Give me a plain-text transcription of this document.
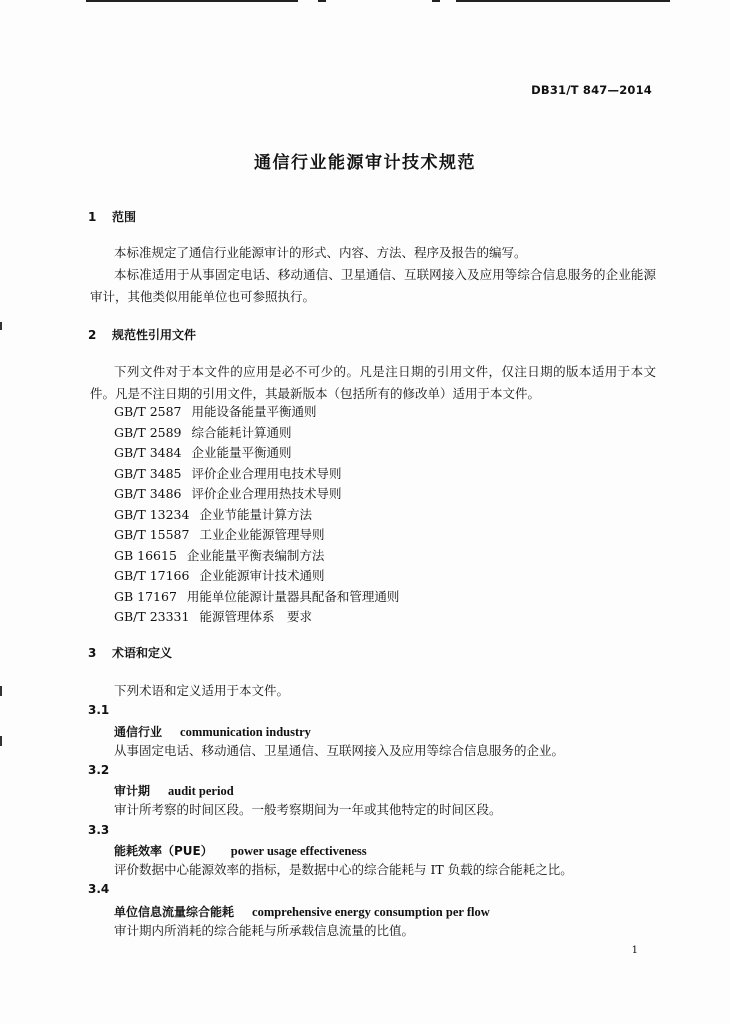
DB31/T 847—2014
通信行业能源审计技术规范
1 范围
本标准规定了通信行业能源审计的形式、内容、方法、程序及报告的编写。
本标准适用于从事固定电话、移动通信、卫星通信、互联网接入及应用等综合信息服务的企业能源审计，其他类似用能单位也可参照执行。
2 规范性引用文件
下列文件对于本文件的应用是必不可少的。凡是注日期的引用文件，仅注日期的版本适用于本文件。凡是不注日期的引用文件，其最新版本（包括所有的修改单）适用于本文件。
GB/T 2587 用能设备能量平衡通则
GB/T 2589 综合能耗计算通则
GB/T 3484 企业能量平衡通则
GB/T 3485 评价企业合理用电技术导则
GB/T 3486 评价企业合理用热技术导则
GB/T 13234 企业节能量计算方法
GB/T 15587 工业企业能源管理导则
GB 16615 企业能量平衡表编制方法
GB/T 17166 企业能源审计技术通则
GB 17167 用能单位能源计量器具配备和管理通则
GB/T 23331 能源管理体系　要求
3 术语和定义
下列术语和定义适用于本文件。
3.1
通信行业 communication industry
从事固定电话、移动通信、卫星通信、互联网接入及应用等综合信息服务的企业。
3.2
审计期 audit period
审计所考察的时间区段。一般考察期间为一年或其他特定的时间区段。
3.3
能耗效率（PUE） power usage effectiveness
评价数据中心能源效率的指标，是数据中心的综合能耗与 IT 负载的综合能耗之比。
3.4
单位信息流量综合能耗 comprehensive energy consumption per flow
审计期内所消耗的综合能耗与所承载信息流量的比值。
1
